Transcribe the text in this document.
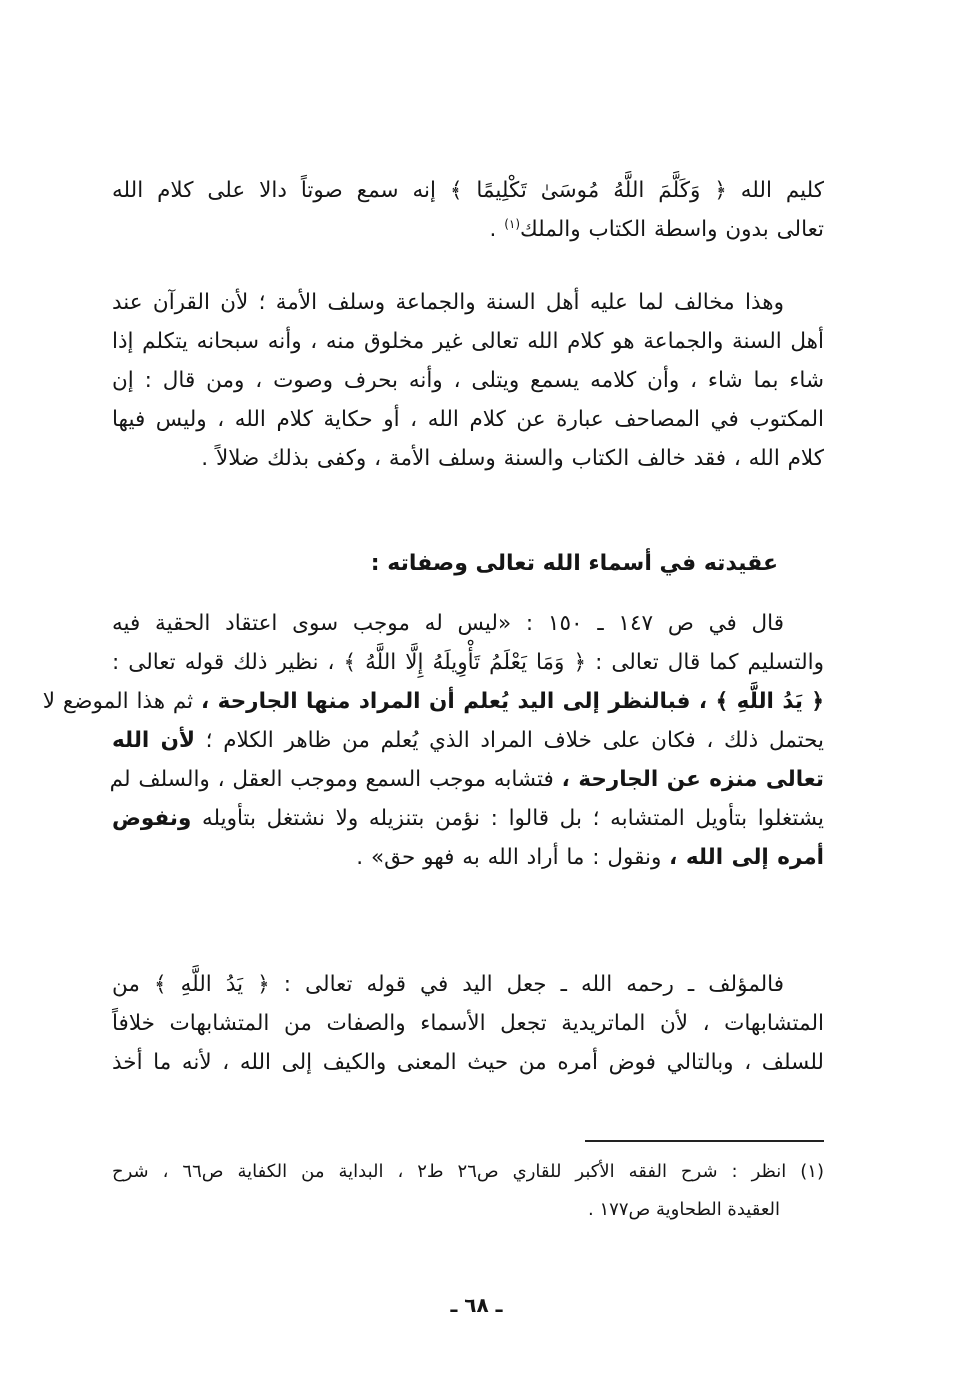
كليم الله ﴿ وَكَلَّمَ اللَّهُ مُوسَىٰ تَكْلِيمًا ﴾ إنه سمع صوتاً دالا على كلام الله
تعالى بدون واسطة الكتاب والملك$^{(١)}$ .
وهذا مخالف لما عليه أهل السنة والجماعة وسلف الأمة ؛ لأن القرآن عند
أهل السنة والجماعة هو كلام الله تعالى غير مخلوق منه ، وأنه سبحانه يتكلم إذا
شاء بما شاء ، وأن كلامه يسمع ويتلى ، وأنه بحرف وصوت ، ومن قال : إن
المكتوب في المصاحف عبارة عن كلام الله ، أو حكاية كلام الله ، وليس فيها
كلام الله ، فقد خالف الكتاب والسنة وسلف الأمة ، وكفى بذلك ضلالاً .
عقيدته في أسماء الله تعالى وصفاته :
قال في ص ١٤٧ ـ ١٥٠ : «ليس له موجب سوى اعتقاد الحقية فيه
والتسليم كما قال تعالى : ﴿ وَمَا يَعْلَمُ تَأْوِيلَهُ إِلَّا اللَّهُ ﴾ ، نظير ذلك قوله تعالى :
﴿ يَدُ اللَّهِ ﴾ ، فبالنظر إلى اليد يُعلم أن المراد منها الجارحة ، ثم هذا الموضع لا
يحتمل ذلك ، فكان على خلاف المراد الذي يُعلم من ظاهر الكلام ؛ لأن الله
تعالى منزه عن الجارحة ، فتشابه موجب السمع وموجب العقل ، والسلف لم
يشتغلوا بتأويل المتشابه ؛ بل قالوا : نؤمن بتنزيله ولا نشتغل بتأويله ونفوض
أمره إلى الله ، ونقول : ما أراد الله به فهو حق» .
فالمؤلف ـ رحمه الله ـ جعل اليد في قوله تعالى : ﴿ يَدُ اللَّهِ ﴾ من
المتشابهات ، لأن الماتريدية تجعل الأسماء والصفات من المتشابهات خلافاً
للسلف ، وبالتالي فوض أمره من حيث المعنى والكيف إلى الله ، لأنه ما أخذ
(١) انظر : شرح الفقه الأكبر للقاري ص٢٦ ط٢ ، البداية من الكفاية ص٦٦ ، شرح
العقيدة الطحاوية ص١٧٧ .
ـ ٦٨ ـ
